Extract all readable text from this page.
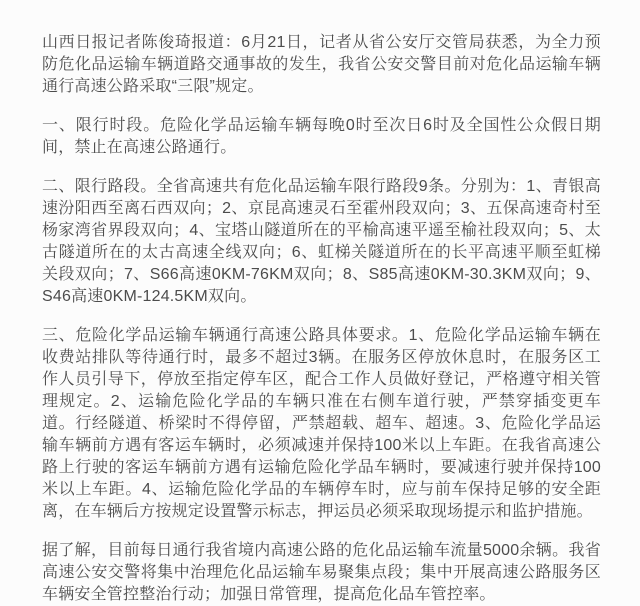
山西日报记者陈俊琦报道：6月21日，记者从省公安厅交管局获悉，为全力预防危化品运输车辆道路交通事故的发生，我省公安交警目前对危化品运输车辆通行高速公路采取“三限”规定。

一、限行时段。危险化学品运输车辆每晚0时至次日6时及全国性公众假日期间，禁止在高速公路通行。

二、限行路段。全省高速共有危化品运输车限行路段9条。分别为：1、青银高速汾阳西至离石西双向；2、京昆高速灵石至霍州段双向；3、五保高速奇村至杨家湾省界段双向；4、宝塔山隧道所在的平榆高速平遥至榆社段双向；5、太古隧道所在的太古高速全线双向；6、虹梯关隧道所在的长平高速平顺至虹梯关段双向；7、S66高速0KM-76KM双向；8、S85高速0KM-30.3KM双向；9、S46高速0KM-124.5KM双向。

三、危险化学品运输车辆通行高速公路具体要求。1、危险化学品运输车辆在收费站排队等待通行时，最多不超过3辆。在服务区停放休息时，在服务区工作人员引导下，停放至指定停车区，配合工作人员做好登记，严格遵守相关管理规定。2、运输危险化学品的车辆只准在右侧车道行驶，严禁穿插变更车道。行经隧道、桥梁时不得停留，严禁超载、超车、超速。3、危险化学品运输车辆前方遇有客运车辆时，必须减速并保持100米以上车距。在我省高速公路上行驶的客运车辆前方遇有运输危险化学品车辆时，要减速行驶并保持100米以上车距。4、运输危险化学品的车辆停车时，应与前车保持足够的安全距离，在车辆后方按规定设置警示标志，押运员必须采取现场提示和监护措施。

据了解，目前每日通行我省境内高速公路的危化品运输车流量5000余辆。我省高速公安交警将集中治理危化品运输车易聚集点段；集中开展高速公路服务区车辆安全管控整治行动；加强日常管理，提高危化品车管控率。
